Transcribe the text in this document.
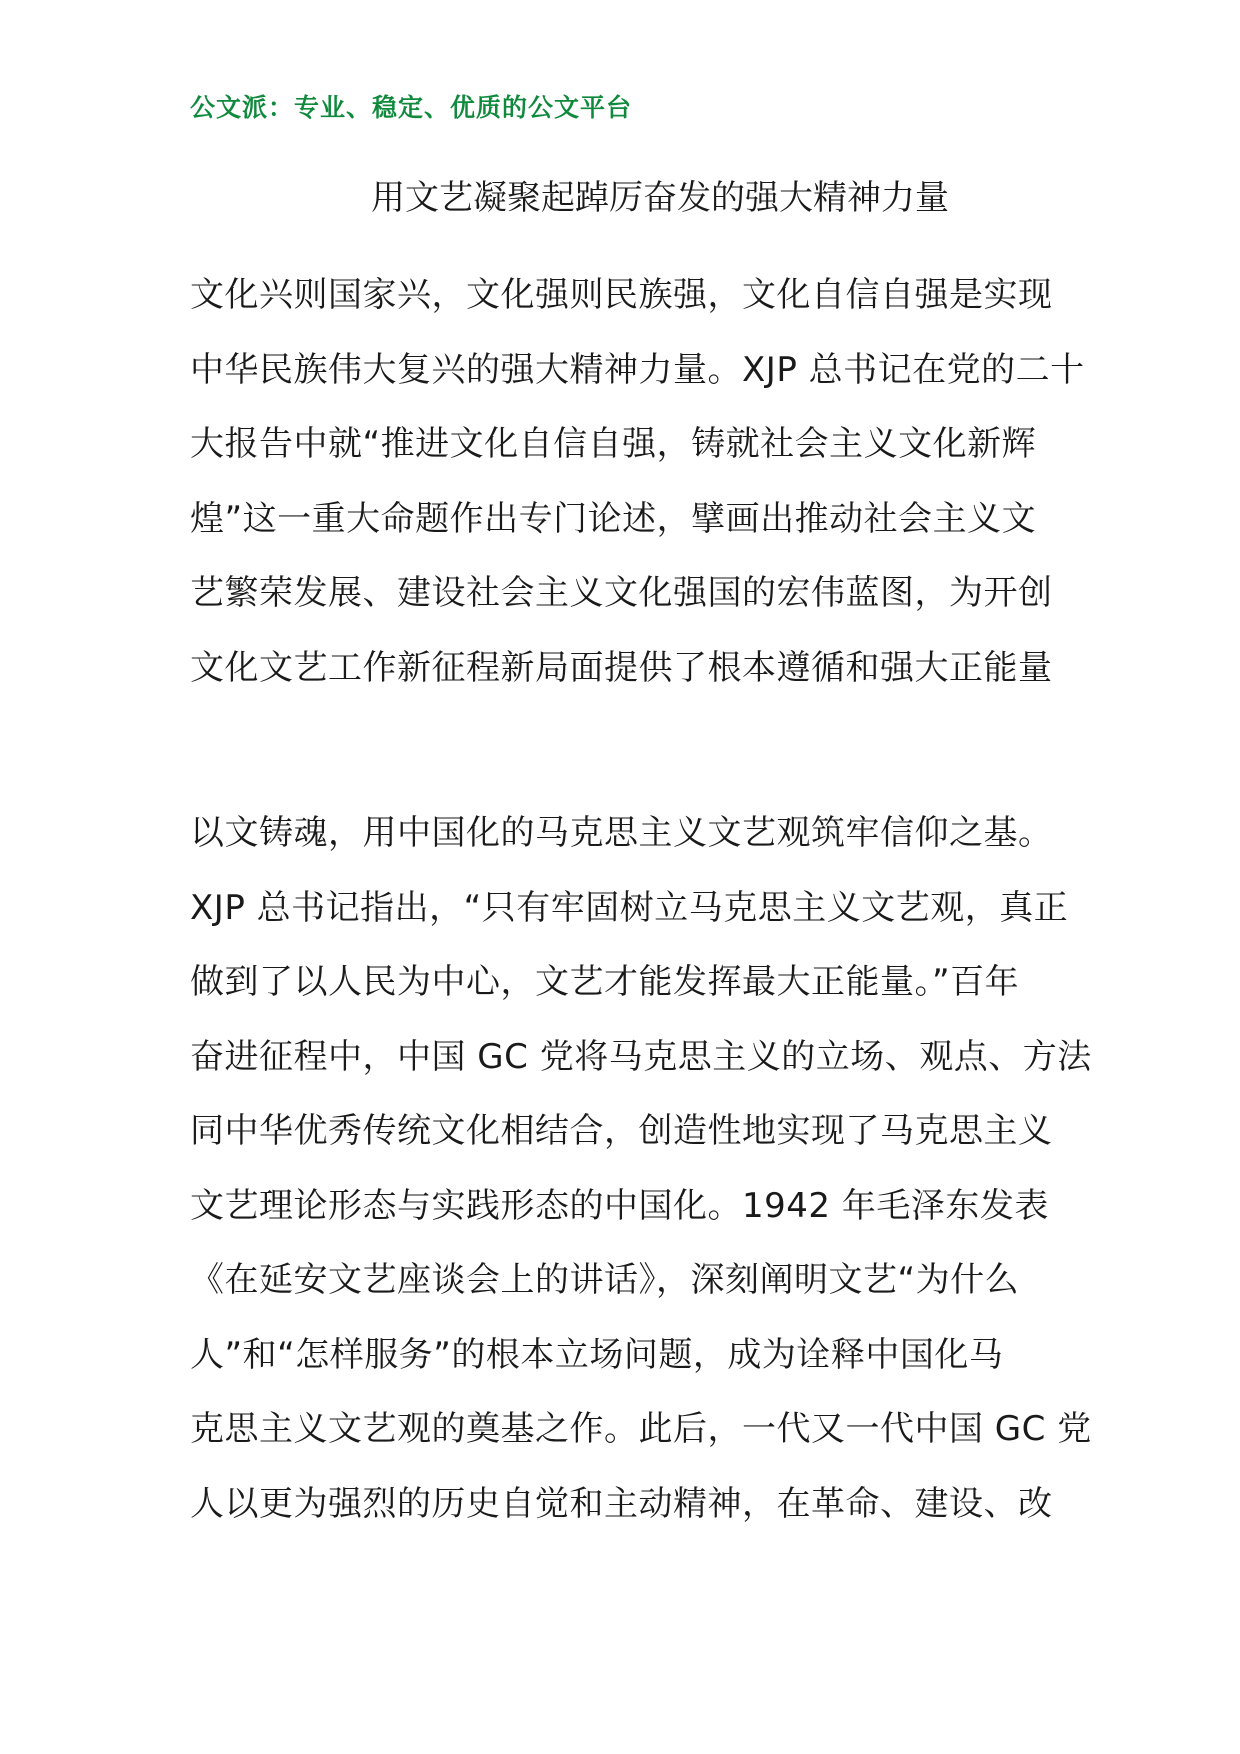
公文派：专业、稳定、优质的公文平台
用文艺凝聚起踔厉奋发的强大精神力量
文化兴则国家兴，文化强则民族强，文化自信自强是实现
中华民族伟大复兴的强大精神力量。XJP 总书记在党的二十
大报告中就“推进文化自信自强，铸就社会主义文化新辉
煌”这一重大命题作出专门论述，擘画出推动社会主义文
艺繁荣发展、建设社会主义文化强国的宏伟蓝图，为开创
文化文艺工作新征程新局面提供了根本遵循和强大正能量
以文铸魂，用中国化的马克思主义文艺观筑牢信仰之基。
XJP 总书记指出，“只有牢固树立马克思主义文艺观，真正
做到了以人民为中心，文艺才能发挥最大正能量。”百年
奋进征程中，中国 GC 党将马克思主义的立场、观点、方法
同中华优秀传统文化相结合，创造性地实现了马克思主义
文艺理论形态与实践形态的中国化。1942 年毛泽东发表
《在延安文艺座谈会上的讲话》，深刻阐明文艺“为什么
人”和“怎样服务”的根本立场问题，成为诠释中国化马
克思主义文艺观的奠基之作。此后，一代又一代中国 GC 党
人以更为强烈的历史自觉和主动精神，在革命、建设、改
